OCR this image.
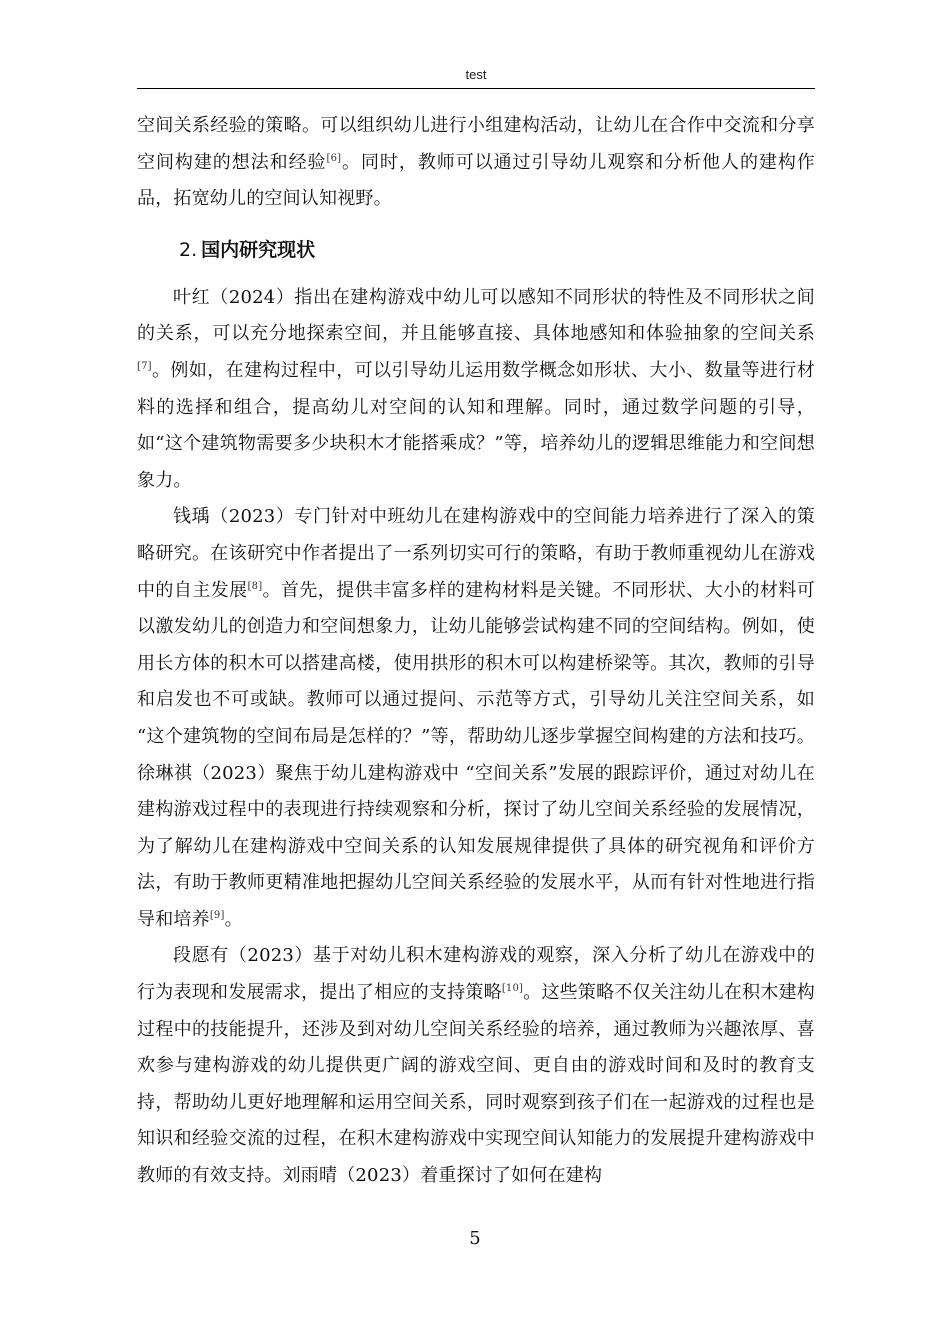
test

空间关系经验的策略。可以组织幼儿进行小组建构活动，让幼儿在合作中交流和分享空间构建的想法和经验[6]。同时，教师可以通过引导幼儿观察和分析他人的建构作品，拓宽幼儿的空间认知视野。

2. 国内研究现状

叶红（2024）指出在建构游戏中幼儿可以感知不同形状的特性及不同形状之间的关系，可以充分地探索空间，并且能够直接、具体地感知和体验抽象的空间关系[7]。例如，在建构过程中，可以引导幼儿运用数学概念如形状、大小、数量等进行材料的选择和组合，提高幼儿对空间的认知和理解。同时，通过数学问题的引导，如“这个建筑物需要多少块积木才能搭乘成？”等，培养幼儿的逻辑思维能力和空间想象力。

钱瑀（2023）专门针对中班幼儿在建构游戏中的空间能力培养进行了深入的策略研究。在该研究中作者提出了一系列切实可行的策略，有助于教师重视幼儿在游戏中的自主发展[8]。首先，提供丰富多样的建构材料是关键。不同形状、大小的材料可以激发幼儿的创造力和空间想象力，让幼儿能够尝试构建不同的空间结构。例如，使用长方体的积木可以搭建高楼，使用拱形的积木可以构建桥梁等。其次，教师的引导和启发也不可或缺。教师可以通过提问、示范等方式，引导幼儿关注空间关系，如 “这个建筑物的空间布局是怎样的？”等，帮助幼儿逐步掌握空间构建的方法和技巧。徐琳祺（2023）聚焦于幼儿建构游戏中 “空间关系”发展的跟踪评价，通过对幼儿在建构游戏过程中的表现进行持续观察和分析，探讨了幼儿空间关系经验的发展情况，为了解幼儿在建构游戏中空间关系的认知发展规律提供了具体的研究视角和评价方法，有助于教师更精准地把握幼儿空间关系经验的发展水平，从而有针对性地进行指导和培养[9]。

段愿有（2023）基于对幼儿积木建构游戏的观察，深入分析了幼儿在游戏中的行为表现和发展需求，提出了相应的支持策略[10]。这些策略不仅关注幼儿在积木建构过程中的技能提升，还涉及到对幼儿空间关系经验的培养，通过教师为兴趣浓厚、喜欢参与建构游戏的幼儿提供更广阔的游戏空间、更自由的游戏时间和及时的教育支持，帮助幼儿更好地理解和运用空间关系，同时观察到孩子们在一起游戏的过程也是知识和经验交流的过程，在积木建构游戏中实现空间认知能力的发展提升建构游戏中教师的有效支持。刘雨晴（2023）着重探讨了如何在建构

5
